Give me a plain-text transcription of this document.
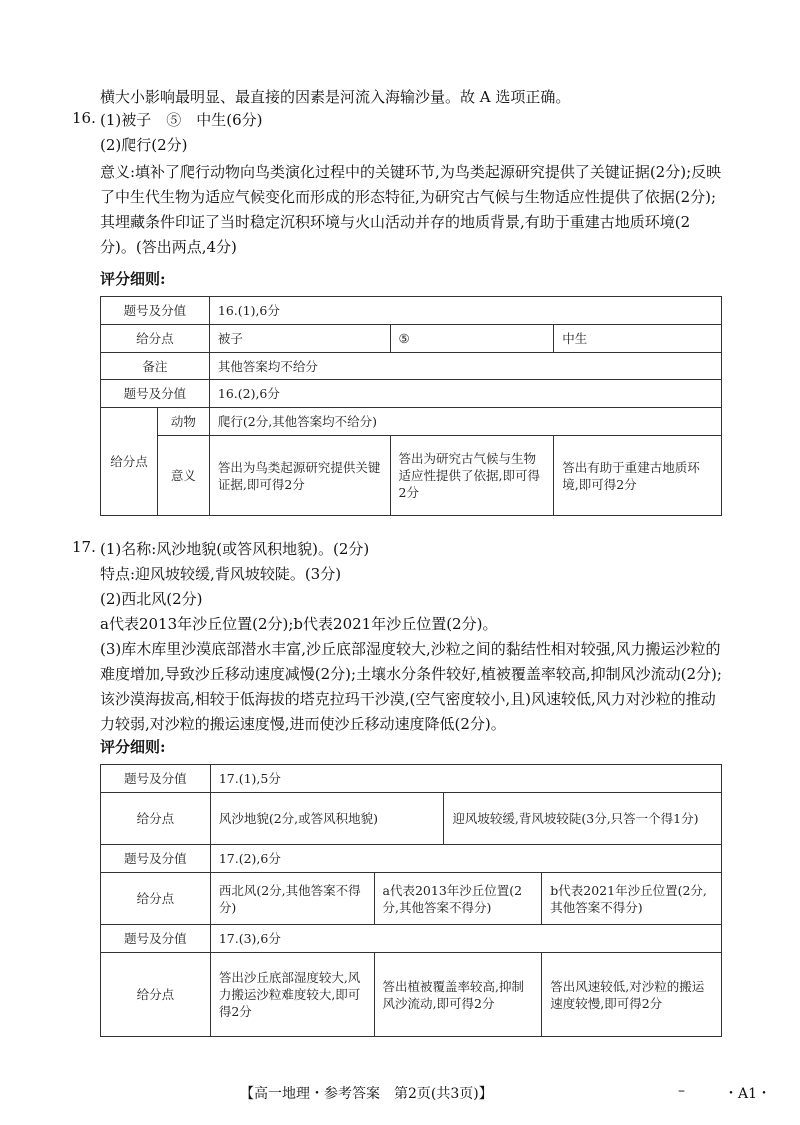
横大小影响最明显、最直接的因素是河流入海输沙量。故 A 选项正确。
16. (1)被子　⑤　中生(6分)
(2)爬行(2分)
意义:填补了爬行动物向鸟类演化过程中的关键环节,为鸟类起源研究提供了关键证据(2分);反映了中生代生物为适应气候变化而形成的形态特征,为研究古气候与生物适应性提供了依据(2分);其埋藏条件印证了当时稳定沉积环境与火山活动并存的地质背景,有助于重建古地质环境(2分)。(答出两点,4分)
评分细则:
题号及分值		16.(1),6分		
给分点		被子	⑤	中生
备注		其他答案均不给分		
题号及分值		16.(2),6分		
给分点	动物	爬行(2分,其他答案均不给分)		
	意义	答出为鸟类起源研究提供关键证据,即可得2分	答出为研究古气候与生物适应性提供了依据,即可得2分	答出有助于重建古地质环境,即可得2分
17. (1)名称:风沙地貌(或答风积地貌)。(2分)
特点:迎风坡较缓,背风坡较陡。(3分)
(2)西北风(2分)
a代表2013年沙丘位置(2分);b代表2021年沙丘位置(2分)。
(3)库木库里沙漠底部潜水丰富,沙丘底部湿度较大,沙粒之间的黏结性相对较强,风力搬运沙粒的难度增加,导致沙丘移动速度减慢(2分);土壤水分条件较好,植被覆盖率较高,抑制风沙流动(2分);该沙漠海拔高,相较于低海拔的塔克拉玛干沙漠,(空气密度较小,且)风速较低,风力对沙粒的推动力较弱,对沙粒的搬运速度慢,进而使沙丘移动速度降低(2分)。
评分细则:
题号及分值	17.(1),5分			
给分点	风沙地貌(2分,或答风积地貌)		迎风坡较缓,背风坡较陡(3分,只答一个得1分)	
题号及分值	17.(2),6分			
给分点	西北风(2分,其他答案不得分)	a代表2013年沙丘位置(2分,其他答案不得分)		b代表2021年沙丘位置(2分,其他答案不得分)
题号及分值	17.(3),6分			
给分点	答出沙丘底部湿度较大,风力搬运沙粒难度较大,即可得2分	答出植被覆盖率较高,抑制风沙流动,即可得2分		答出风速较低,对沙粒的搬运速度较慢,即可得2分
【高一地理・参考答案　第2页(共3页)】	–	・A1・
